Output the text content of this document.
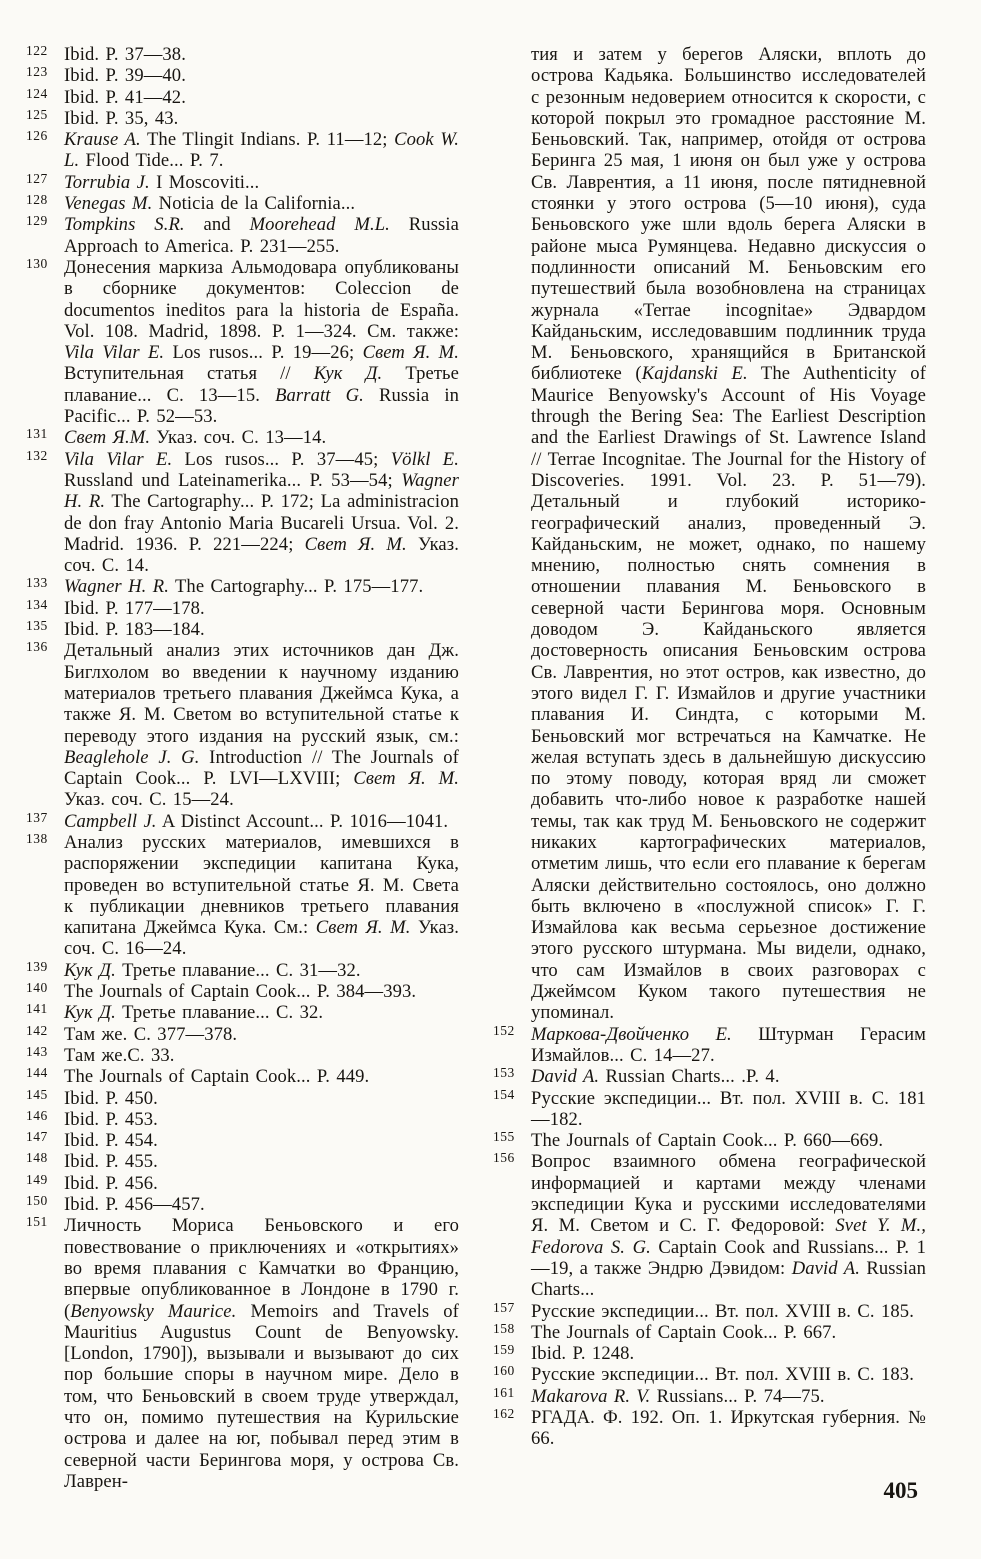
122 Ibid. P. 37—38.
123 Ibid. P. 39—40.
124 Ibid. P. 41—42.
125 Ibid. P. 35, 43.
126 Krause A. The Tlingit Indians. P. 11—12; Cook W. L. Flood Tide... P. 7.
127 Torrubia J. I Moscoviti...
128 Venegas M. Noticia de la California...
129 Tompkins S.R. and Moorehead M.L. Russia Approach to America. P. 231—255.
130 Донесения маркиза Альмодовара опубликованы в сборнике документов: Coleccion de documentos ineditos para la historia de España. Vol. 108. Madrid, 1898. P. 1—324. См. также: Vila Vilar E. Los rusos... P. 19—26; Свет Я. М. Вступительная статья // Кук Д. Третье плавание... С. 13—15. Barratt G. Russia in Pacific... P. 52—53.
131 Свет Я.М. Указ. соч. С. 13—14.
132 Vila Vilar E. Los rusos... P. 37—45; Völkl E. Russland und Lateinamerika... P. 53—54; Wagner H. R. The Cartography... P. 172; La administracion de don fray Antonio Maria Bucareli Ursua. Vol. 2. Madrid. 1936. P. 221—224; Свет Я. М. Указ. соч. С. 14.
133 Wagner H. R. The Cartography... P. 175—177.
134 Ibid. P. 177—178.
135 Ibid. P. 183—184.
136 Детальный анализ этих источников дан Дж. Биглхолом во введении к научному изданию материалов третьего плавания Джеймса Кука, а также Я. М. Светом во вступительной статье к переводу этого издания на русский язык, см.: Beaglehole J. G. Introduction // The Journals of Captain Cook... P. LVI—LXVIII; Свет Я. М. Указ. соч. С. 15—24.
137 Campbell J. A Distinct Account... P. 1016—1041.
138 Анализ русских материалов, имевшихся в распоряжении экспедиции капитана Кука, проведен во вступительной статье Я. М. Света к публикации дневников третьего плавания капитана Джеймса Кука. См.: Свет Я. М. Указ. соч. С. 16—24.
139 Кук Д. Третье плавание... С. 31—32.
140 The Journals of Captain Cook... P. 384—393.
141 Кук Д. Третье плавание... С. 32.
142 Там же. С. 377—378.
143 Там же.С. 33.
144 The Journals of Captain Cook... P. 449.
145 Ibid. P. 450.
146 Ibid. P. 453.
147 Ibid. P. 454.
148 Ibid. P. 455.
149 Ibid. P. 456.
150 Ibid. P. 456—457.
151 Личность Мориса Беньовского и его повествование о приключениях и «открытиях» во время плавания с Камчатки во Францию, впервые опубликованное в Лондоне в 1790 г. (Benyowsky Maurice. Memoirs and Travels of Mauritius Augustus Count de Benyowsky. [London, 1790]), вызывали и вызывают до сих пор большие споры в научном мире. Дело в том, что Беньовский в своем труде утверждал, что он, помимо путешествия на Курильские острова и далее на юг, побывал перед этим в северной части Берингова моря, у острова Св. Лаврен-

тия и затем у берегов Аляски, вплоть до острова Кадьяка. Большинство исследователей с резонным недоверием относится к скорости, с которой покрыл это громадное расстояние М. Беньовский. Так, например, отойдя от острова Беринга 25 мая, 1 июня он был уже у острова Св. Лаврентия, а 11 июня, после пятидневной стоянки у этого острова (5—10 июня), суда Беньовского уже шли вдоль берега Аляски в районе мыса Румянцева. Недавно дискуссия о подлинности описаний М. Беньовским его путешествий была возобновлена на страницах журнала «Terrae incognitae» Эдвардом Кайданьским, исследовавшим подлинник труда М. Беньовского, хранящийся в Британской библиотеке (Kajdanski E. The Authenticity of Maurice Benyowsky's Account of His Voyage through the Bering Sea: The Earliest Description and the Earliest Drawings of St. Lawrence Island // Terrae Incognitae. The Journal for the History of Discoveries. 1991. Vol. 23. P. 51—79). Детальный и глубокий историко-географический анализ, проведенный Э. Кайданьским, не может, однако, по нашему мнению, полностью снять сомнения в отношении плавания М. Беньовского в северной части Берингова моря. Основным доводом Э. Кайданьского является достоверность описания Беньовским острова Св. Лаврентия, но этот остров, как известно, до этого видел Г. Г. Измайлов и другие участники плавания И. Синдта, с которыми М. Беньовский мог встречаться на Камчатке. Не желая вступать здесь в дальнейшую дискуссию по этому поводу, которая вряд ли сможет добавить что-либо новое к разработке нашей темы, так как труд М. Беньовского не содержит никаких картографических материалов, отметим лишь, что если его плавание к берегам Аляски действительно состоялось, оно должно быть включено в «послужной список» Г. Г. Измайлова как весьма серьезное достижение этого русского штурмана. Мы видели, однако, что сам Измайлов в своих разговорах с Джеймсом Куком такого путешествия не упоминал.

152 Маркова-Двойченко Е. Штурман Герасим Измайлов... С. 14—27.
153 David A. Russian Charts... .P. 4.
154 Русские экспедиции... Вт. пол. XVIII в. С. 181—182.
155 The Journals of Captain Cook... P. 660—669.
156 Вопрос взаимного обмена географической информацией и картами между членами экспедиции Кука и русскими исследователями Я. М. Светом и С. Г. Федоровой: Svet Y. M., Fedorova S. G. Captain Cook and Russians... P. 1—19, а также Эндрю Дэвидом: David A. Russian Charts...
157 Русские экспедиции... Вт. пол. XVIII в. С. 185.
158 The Journals of Captain Cook... P. 667.
159 Ibid. P. 1248.
160 Русские экспедиции... Вт. пол. XVIII в. С. 183.
161 Makarova R. V. Russians... P. 74—75.
162 РГАДА. Ф. 192. Оп. 1. Иркутская губерния. № 66.
405
